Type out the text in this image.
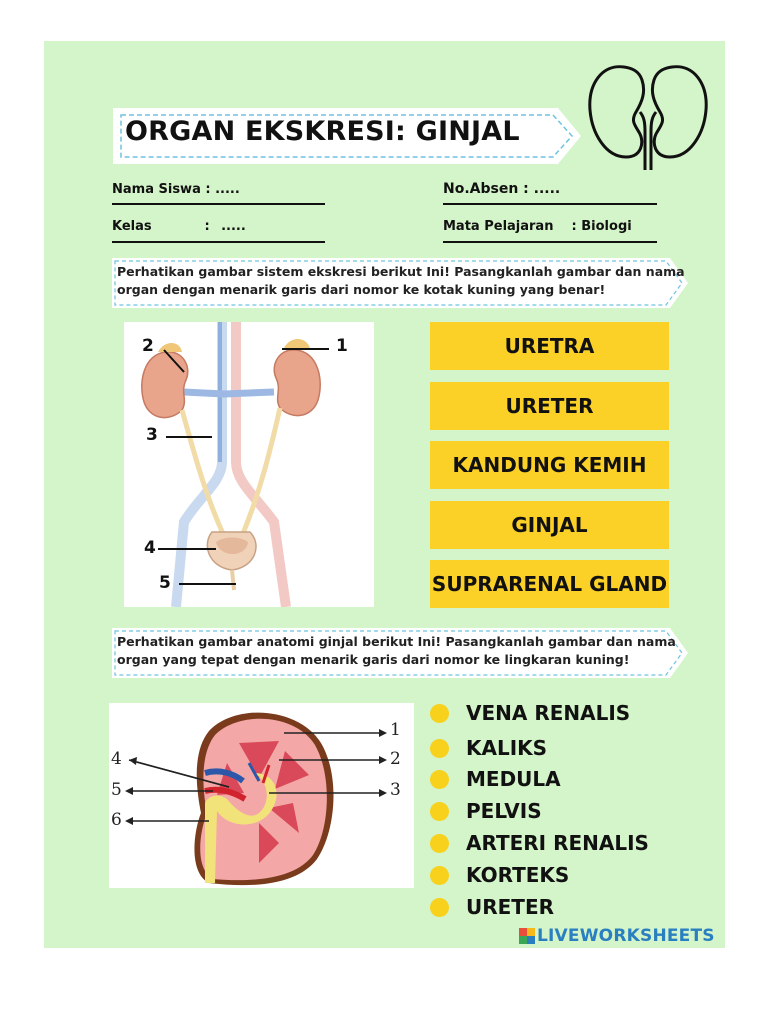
ORGAN EKSKRESI: GINJAL
Nama Siswa : .....	No.Absen : .....
Kelas	: .....	Mata Pelajaran : Biologi
Perhatikan gambar sistem ekskresi berikut Ini! Pasangkanlah gambar dan nama
organ dengan menarik garis dari nomor ke kotak kuning yang benar!
1
2
3
4
5
URETRA
URETER
KANDUNG KEMIH
GINJAL
SUPRARENAL GLAND
Perhatikan gambar anatomi ginjal berikut Ini! Pasangkanlah gambar dan nama
organ yang tepat dengan menarik garis dari nomor ke lingkaran kuning!
1
2
3
4
5
6
VENA RENALIS
KALIKS
MEDULA
PELVIS
ARTERI RENALIS
KORTEKS
URETER
LIVEWORKSHEETS
